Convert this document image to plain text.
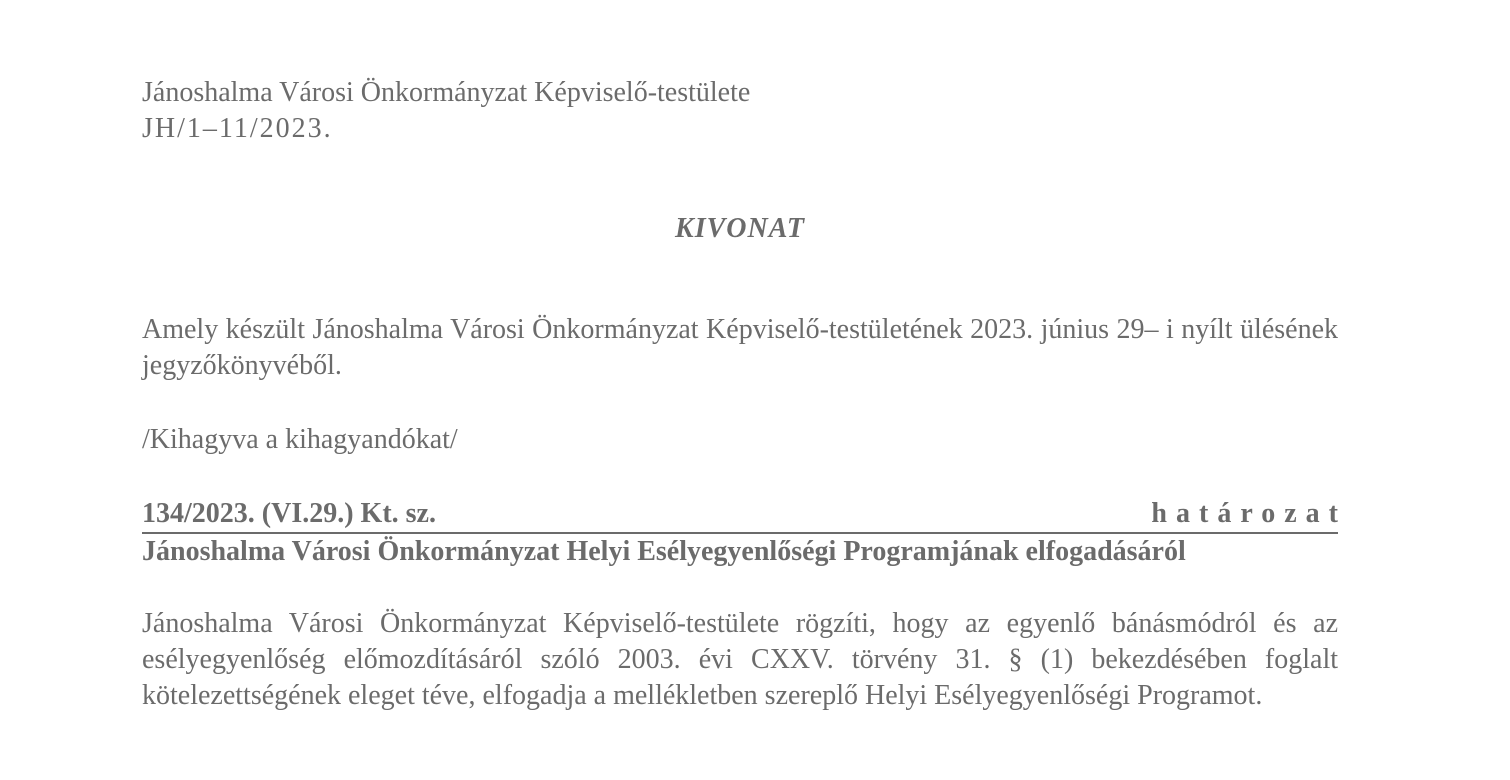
Jánoshalma Városi Önkormányzat Képviselő-testülete
JH/1–11/2023.
KIVONAT

Amely készült Jánoshalma Városi Önkormányzat Képviselő-testületének 2023. június 29– i nyílt ülésének jegyzőkönyvéből.

/Kihagyva a kihagyandókat/

134/2023. (VI.29.) Kt. sz.	határozat
Jánoshalma Városi Önkormányzat Helyi Esélyegyenlőségi Programjának elfogadásáról

Jánoshalma Városi Önkormányzat Képviselő-testülete rögzíti, hogy az egyenlő bánásmódról és az esélyegyenlőség előmozdításáról szóló 2003. évi CXXV. törvény 31. § (1) bekezdésében foglalt kötelezettségének eleget téve, elfogadja a mellékletben szereplő Helyi Esélyegyenlőségi Programot.
